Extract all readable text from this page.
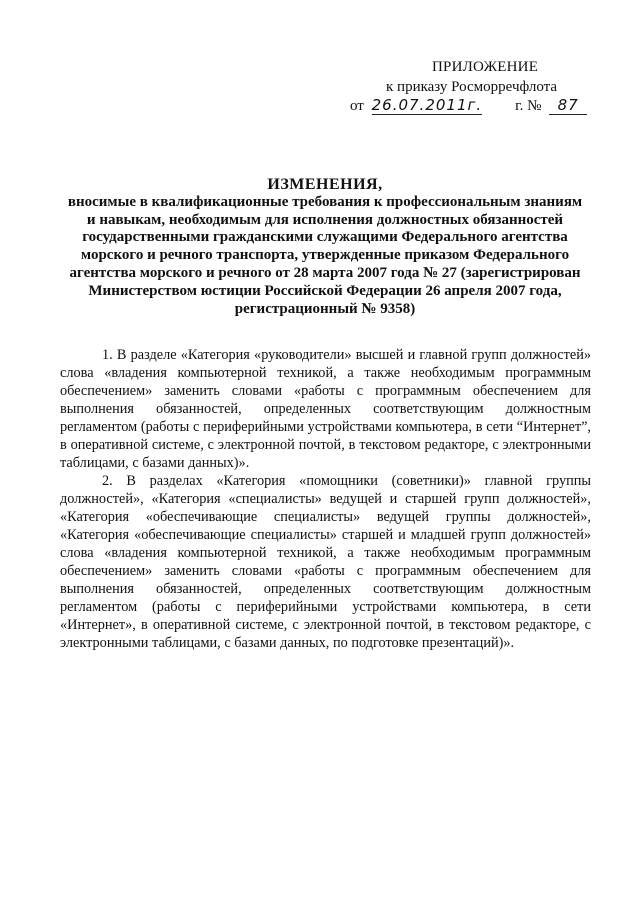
ПРИЛОЖЕНИЕ
к приказу Росморречфлота
от 26.07.2011г. г. № 87
ИЗМЕНЕНИЯ,
вносимые в квалификационные требования к профессиональным знаниям
и навыкам, необходимым для исполнения должностных обязанностей
государственными гражданскими служащими Федерального агентства
морского и речного транспорта, утвержденные приказом Федерального
агентства морского и речного от 28 марта 2007 года № 27 (зарегистрирован
Министерством юстиции Российской Федерации 26 апреля 2007 года,
регистрационный № 9358)

1. В разделе «Категория «руководители» высшей и главной групп должностей» слова «владения компьютерной техникой, а также необходимым программным обеспечением» заменить словами «работы с программным обеспечением для выполнения обязанностей, определенных соответствующим должностным регламентом (работы с периферийными устройствами компьютера, в сети “Интернет”, в оперативной системе, с электронной почтой, в текстовом редакторе, с электронными таблицами, с базами данных)».

2. В разделах «Категория «помощники (советники)» главной группы должностей», «Категория «специалисты» ведущей и старшей групп должностей», «Категория «обеспечивающие специалисты» ведущей группы должностей», «Категория «обеспечивающие специалисты» старшей и младшей групп должностей» слова «владения компьютерной техникой, а также необходимым программным обеспечением» заменить словами «работы с программным обеспечением для выполнения обязанностей, определенных соответствующим должностным регламентом (работы с периферийными устройствами компьютера, в сети «Интернет», в оперативной системе, с электронной почтой, в текстовом редакторе, с электронными таблицами, с базами данных, по подготовке презентаций)».
